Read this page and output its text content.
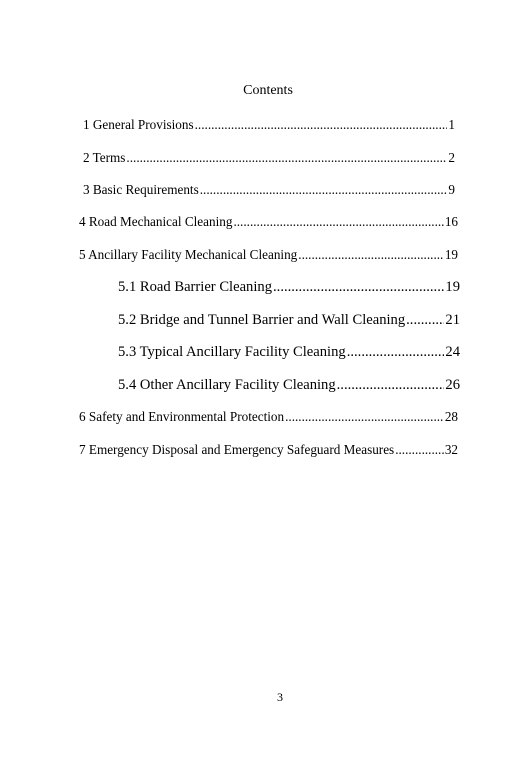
Contents
1 General Provisions .....	1
2 Terms .....	2
3 Basic Requirements .....	9
4 Road Mechanical Cleaning .....	16
5 Ancillary Facility Mechanical Cleaning .....	19
5.1 Road Barrier Cleaning .....	19
5.2 Bridge and Tunnel Barrier and Wall Cleaning .....	21
5.3 Typical Ancillary Facility Cleaning .....	24
5.4 Other Ancillary Facility Cleaning .....	26
6 Safety and Environmental Protection .....	28
7 Emergency Disposal and Emergency Safeguard Measures .....	32
3
